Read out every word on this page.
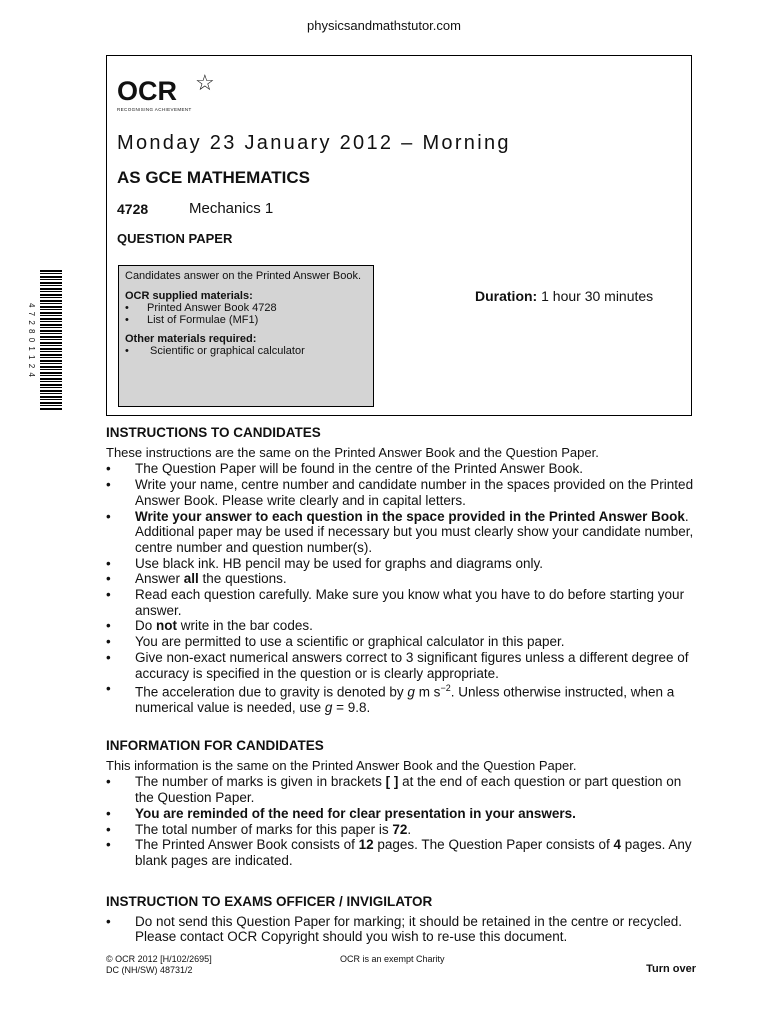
physicsandmathstutor.com
4 7 2 8 0 1 1 2 4
OCR ☆
RECOGNISING ACHIEVEMENT
Monday 23 January 2012 – Morning
AS GCE MATHEMATICS
4728	Mechanics 1
QUESTION PAPER
Candidates answer on the Printed Answer Book.
OCR supplied materials:
• Printed Answer Book 4728
• List of Formulae (MF1)
Other materials required:
• Scientific or graphical calculator
Duration: 1 hour 30 minutes
INSTRUCTIONS TO CANDIDATES
These instructions are the same on the Printed Answer Book and the Question Paper.
• The Question Paper will be found in the centre of the Printed Answer Book.
• Write your name, centre number and candidate number in the spaces provided on the Printed Answer Book. Please write clearly and in capital letters.
• Write your answer to each question in the space provided in the Printed Answer Book. Additional paper may be used if necessary but you must clearly show your candidate number, centre number and question number(s).
• Use black ink. HB pencil may be used for graphs and diagrams only.
• Answer all the questions.
• Read each question carefully. Make sure you know what you have to do before starting your answer.
• Do not write in the bar codes.
• You are permitted to use a scientific or graphical calculator in this paper.
• Give non-exact numerical answers correct to 3 significant figures unless a different degree of accuracy is specified in the question or is clearly appropriate.
• The acceleration due to gravity is denoted by g m $s^{-2}$. Unless otherwise instructed, when a numerical value is needed, use g = 9.8.
INFORMATION FOR CANDIDATES
This information is the same on the Printed Answer Book and the Question Paper.
• The number of marks is given in brackets [ ] at the end of each question or part question on the Question Paper.
• You are reminded of the need for clear presentation in your answers.
• The total number of marks for this paper is 72.
• The Printed Answer Book consists of 12 pages. The Question Paper consists of 4 pages. Any blank pages are indicated.
INSTRUCTION TO EXAMS OFFICER / INVIGILATOR
• Do not send this Question Paper for marking; it should be retained in the centre or recycled. Please contact OCR Copyright should you wish to re-use this document.
© OCR 2012 [H/102/2695]
DC (NH/SW) 48731/2
OCR is an exempt Charity
Turn over
